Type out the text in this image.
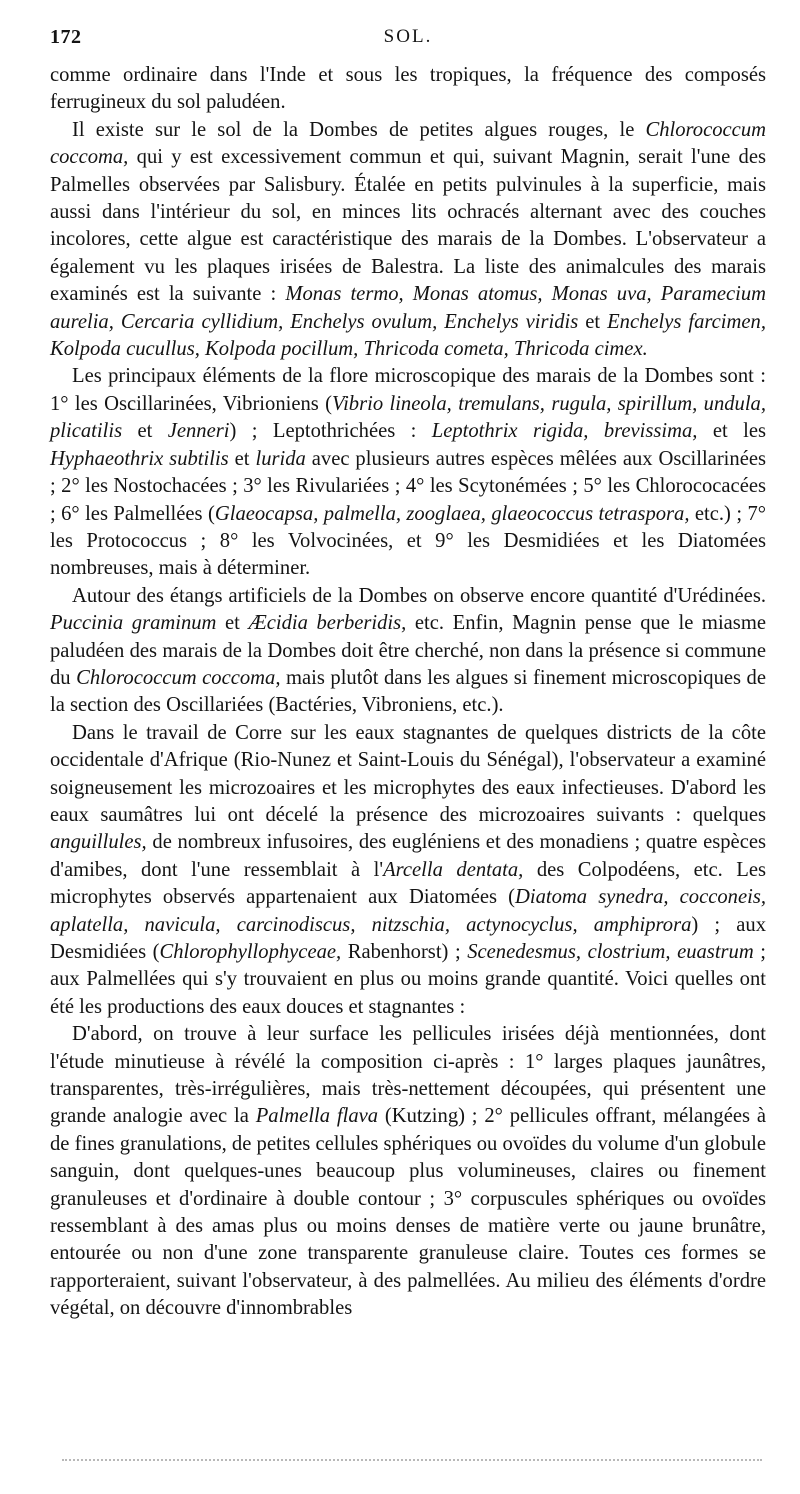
172	SOL.

comme ordinaire dans l'Inde et sous les tropiques, la fréquence des composés ferrugineux du sol paludéen.

Il existe sur le sol de la Dombes de petites algues rouges, le Chlorococcum coccoma, qui y est excessivement commun et qui, suivant Magnin, serait l'une des Palmelles observées par Salisbury. Étalée en petits pulvinules à la superficie, mais aussi dans l'intérieur du sol, en minces lits ochracés alternant avec des couches incolores, cette algue est caractéristique des marais de la Dombes. L'observateur a également vu les plaques irisées de Balestra. La liste des animalcules des marais examinés est la suivante : Monas termo, Monas atomus, Monas uva, Paramecium aurelia, Cercaria cyllidium, Enchelys ovulum, Enchelys viridis et Enchelys farcimen, Kolpoda cucullus, Kolpoda pocillum, Thricoda cometa, Thricoda cimex.

Les principaux éléments de la flore microscopique des marais de la Dombes sont : 1° les Oscillarinées, Vibrioniens (Vibrio lineola, tremulans, rugula, spirillum, undula, plicatilis et Jenneri) ; Leptothrichées : Leptothrix rigida, brevissima, et les Hyphaeothrix subtilis et lurida avec plusieurs autres espèces mêlées aux Oscillarinées ; 2° les Nostochacées ; 3° les Rivulariées ; 4° les Scytonémées ; 5° les Chlorococacées ; 6° les Palmellées (Glaeocapsa, palmella, zooglaea, glaeococcus tetraspora, etc.) ; 7° les Protococcus ; 8° les Volvocinées, et 9° les Desmidiées et les Diatomées nombreuses, mais à déterminer.

Autour des étangs artificiels de la Dombes on observe encore quantité d'Urédinées. Puccinia graminum et Æcidia berberidis, etc. Enfin, Magnin pense que le miasme paludéen des marais de la Dombes doit être cherché, non dans la présence si commune du Chlorococcum coccoma, mais plutôt dans les algues si finement microscopiques de la section des Oscillariées (Bactéries, Vibroniens, etc.).

Dans le travail de Corre sur les eaux stagnantes de quelques districts de la côte occidentale d'Afrique (Rio-Nunez et Saint-Louis du Sénégal), l'observateur a examiné soigneusement les microzoaires et les microphytes des eaux infectieuses. D'abord les eaux saumâtres lui ont décelé la présence des microzoaires suivants : quelques anguillules, de nombreux infusoires, des eugléniens et des monadiens ; quatre espèces d'amibes, dont l'une ressemblait à l'Arcella dentata, des Colpodéens, etc. Les microphytes observés appartenaient aux Diatomées (Diatoma synedra, cocconeis, aplatella, navicula, carcinodiscus, nitzschia, actynocyclus, amphiprora) ; aux Desmidiées (Chlorophyllophyceae, Rabenhorst) ; Scenedesmus, clostrium, euastrum ; aux Palmellées qui s'y trouvaient en plus ou moins grande quantité. Voici quelles ont été les productions des eaux douces et stagnantes :

D'abord, on trouve à leur surface les pellicules irisées déjà mentionnées, dont l'étude minutieuse à révélé la composition ci-après : 1° larges plaques jaunâtres, transparentes, très-irrégulières, mais très-nettement découpées, qui présentent une grande analogie avec la Palmella flava (Kutzing) ; 2° pellicules offrant, mélangées à de fines granulations, de petites cellules sphériques ou ovoïdes du volume d'un globule sanguin, dont quelques-unes beaucoup plus volumineuses, claires ou finement granuleuses et d'ordinaire à double contour ; 3° corpuscules sphériques ou ovoïdes ressemblant à des amas plus ou moins denses de matière verte ou jaune brunâtre, entourée ou non d'une zone transparente granuleuse claire. Toutes ces formes se rapporteraient, suivant l'observateur, à des palmellées. Au milieu des éléments d'ordre végétal, on découvre d'innombrables
